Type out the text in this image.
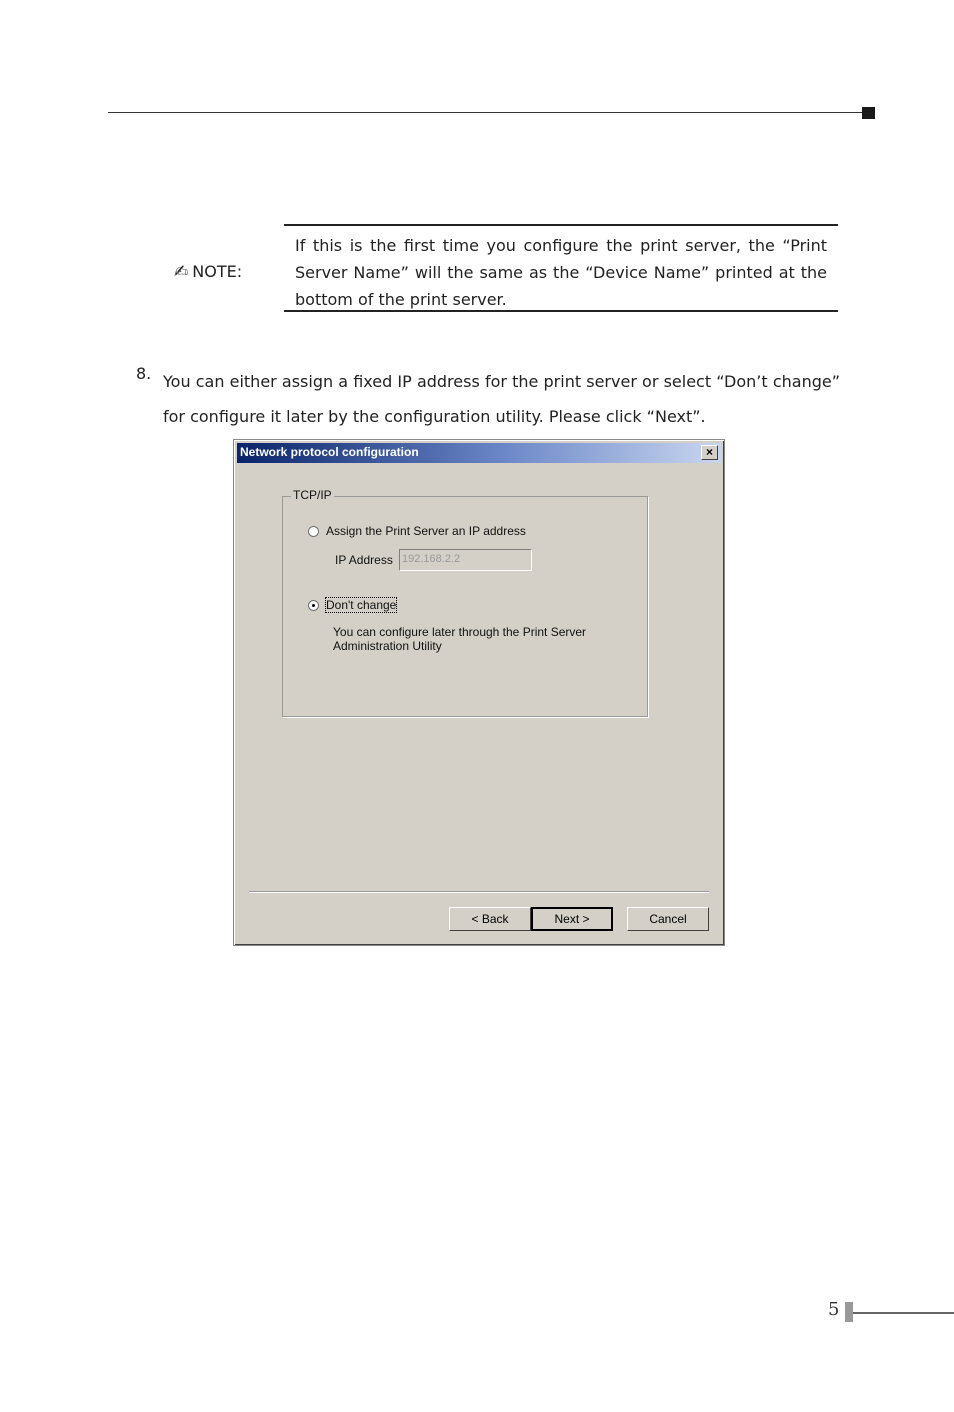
✍ NOTE:
If this is the first time you configure the print server, the “Print Server Name” will the same as the “Device Name” printed at the bottom of the print server.
8. You can either assign a fixed IP address for the print server or select “Don’t change” for configure it later by the configuration utility. Please click “Next”.
Network protocol configuration	×
TCP/IP
Assign the Print Server an IP address
IP Address 192.168.2.2
Don't change
You can configure later through the Print Server Administration Utility
< Back	Next >	Cancel
5
